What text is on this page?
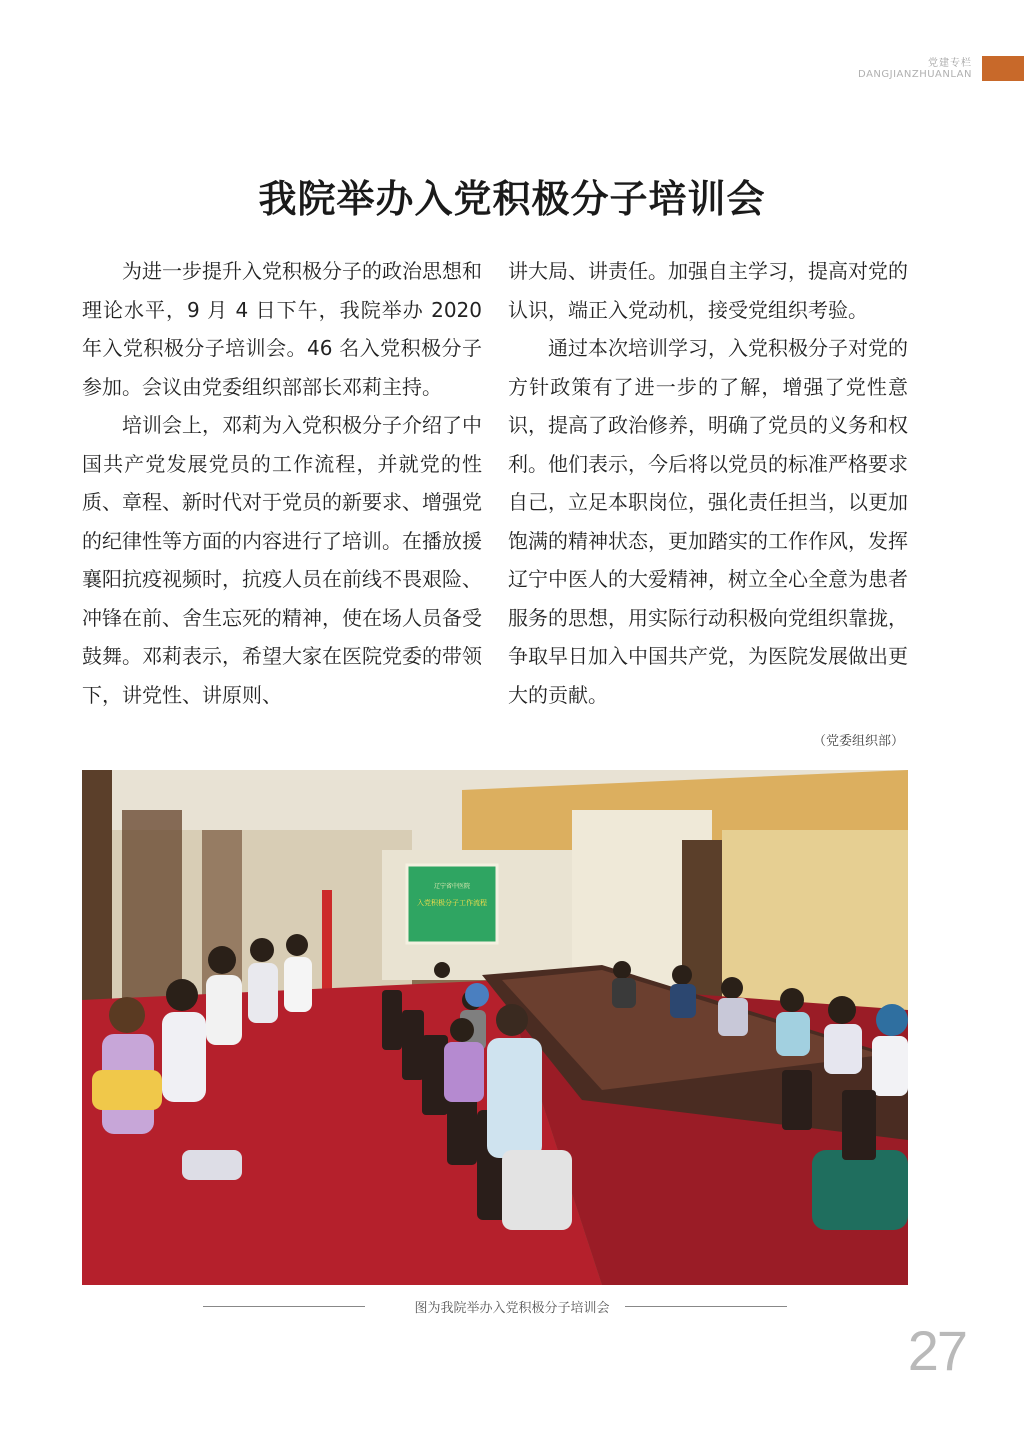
党建专栏
DANGJIANZHUANLAN
我院举办入党积极分子培训会

为进一步提升入党积极分子的政治思想和理论水平，9 月 4 日下午，我院举办 2020 年入党积极分子培训会。46 名入党积极分子参加。会议由党委组织部部长邓莉主持。

培训会上，邓莉为入党积极分子介绍了中国共产党发展党员的工作流程，并就党的性质、章程、新时代对于党员的新要求、增强党的纪律性等方面的内容进行了培训。在播放援襄阳抗疫视频时，抗疫人员在前线不畏艰险、冲锋在前、舍生忘死的精神，使在场人员备受鼓舞。邓莉表示，希望大家在医院党委的带领下，讲党性、讲原则、

讲大局、讲责任。加强自主学习，提高对党的认识，端正入党动机，接受党组织考验。

通过本次培训学习，入党积极分子对党的方针政策有了进一步的了解，增强了党性意识，提高了政治修养，明确了党员的义务和权利。他们表示，今后将以党员的标准严格要求自己，立足本职岗位，强化责任担当，以更加饱满的精神状态，更加踏实的工作作风，发挥辽宁中医人的大爱精神，树立全心全意为患者服务的思想，用实际行动积极向党组织靠拢，争取早日加入中国共产党，为医院发展做出更大的贡献。

（党委组织部）
辽宁省中医院
入党积极分子工作流程
图为我院举办入党积极分子培训会
27
